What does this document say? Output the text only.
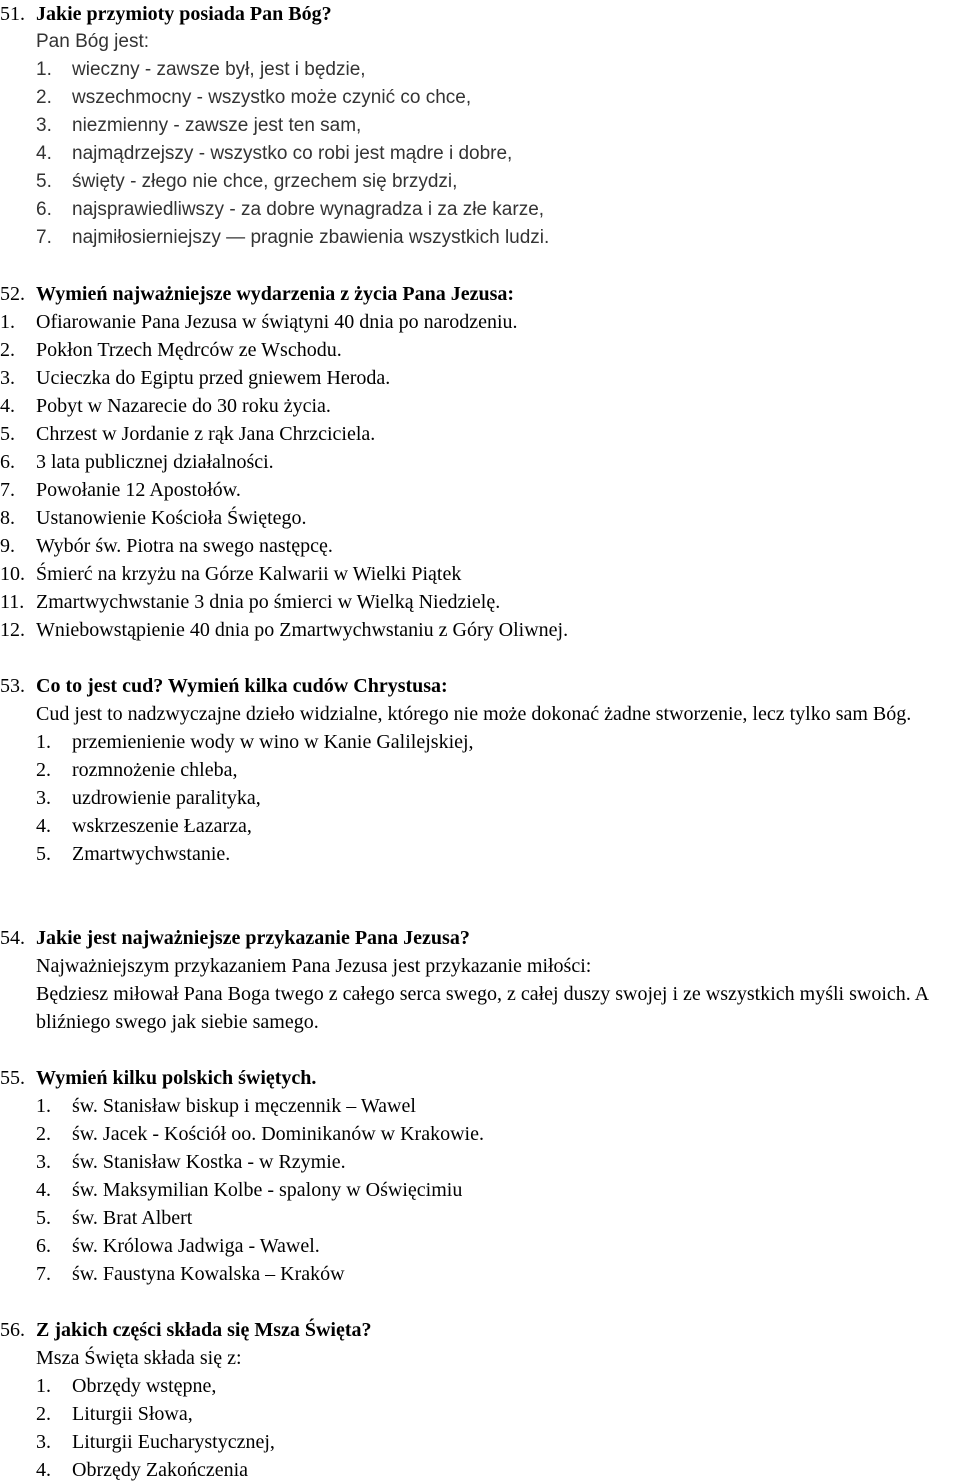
51. Jakie przymioty posiada Pan Bóg?
Pan Bóg jest:
1. wieczny - zawsze był, jest i będzie,
2. wszechmocny - wszystko może czynić co chce,
3. niezmienny - zawsze jest ten sam,
4. najmądrzejszy - wszystko co robi jest mądre i dobre,
5. święty - złego nie chce, grzechem się brzydzi,
6. najsprawiedliwszy - za dobre wynagradza i za złe karze,
7. najmiłosierniejszy — pragnie zbawienia wszystkich ludzi.
52. Wymień najważniejsze wydarzenia z życia Pana Jezusa:
1. Ofiarowanie Pana Jezusa w świątyni 40 dnia po narodzeniu.
2. Pokłon Trzech Mędrców ze Wschodu.
3. Ucieczka do Egiptu przed gniewem Heroda.
4. Pobyt w Nazarecie do 30 roku życia.
5. Chrzest w Jordanie z rąk Jana Chrzciciela.
6. 3 lata publicznej działalności.
7. Powołanie 12 Apostołów.
8. Ustanowienie Kościoła Świętego.
9. Wybór św. Piotra na swego następcę.
10. Śmierć na krzyżu na Górze Kalwarii w Wielki Piątek
11. Zmartwychwstanie 3 dnia po śmierci w Wielką Niedzielę.
12. Wniebowstąpienie 40 dnia po Zmartwychwstaniu z Góry Oliwnej.
53. Co to jest cud? Wymień kilka cudów Chrystusa:
Cud jest to nadzwyczajne dzieło widzialne, którego nie może dokonać żadne stworzenie, lecz tylko sam Bóg.
1. przemienienie wody w wino w Kanie Galilejskiej,
2. rozmnożenie chleba,
3. uzdrowienie paralityka,
4. wskrzeszenie Łazarza,
5. Zmartwychwstanie.
54. Jakie jest najważniejsze przykazanie Pana Jezusa?
Najważniejszym przykazaniem Pana Jezusa jest przykazanie miłości:
Będziesz miłował Pana Boga twego z całego serca swego, z całej duszy swojej i ze wszystkich myśli swoich. A bliźniego swego jak siebie samego.
55. Wymień kilku polskich świętych.
1. św. Stanisław biskup i męczennik – Wawel
2. św. Jacek - Kościół oo. Dominikanów w Krakowie.
3. św. Stanisław Kostka - w Rzymie.
4. św. Maksymilian Kolbe - spalony w Oświęcimiu
5. św. Brat Albert
6. św. Królowa Jadwiga - Wawel.
7. św. Faustyna Kowalska – Kraków
56. Z jakich części składa się Msza Święta?
Msza Święta składa się z:
1. Obrzędy wstępne,
2. Liturgii Słowa,
3. Liturgii Eucharystycznej,
4. Obrzędy Zakończenia
